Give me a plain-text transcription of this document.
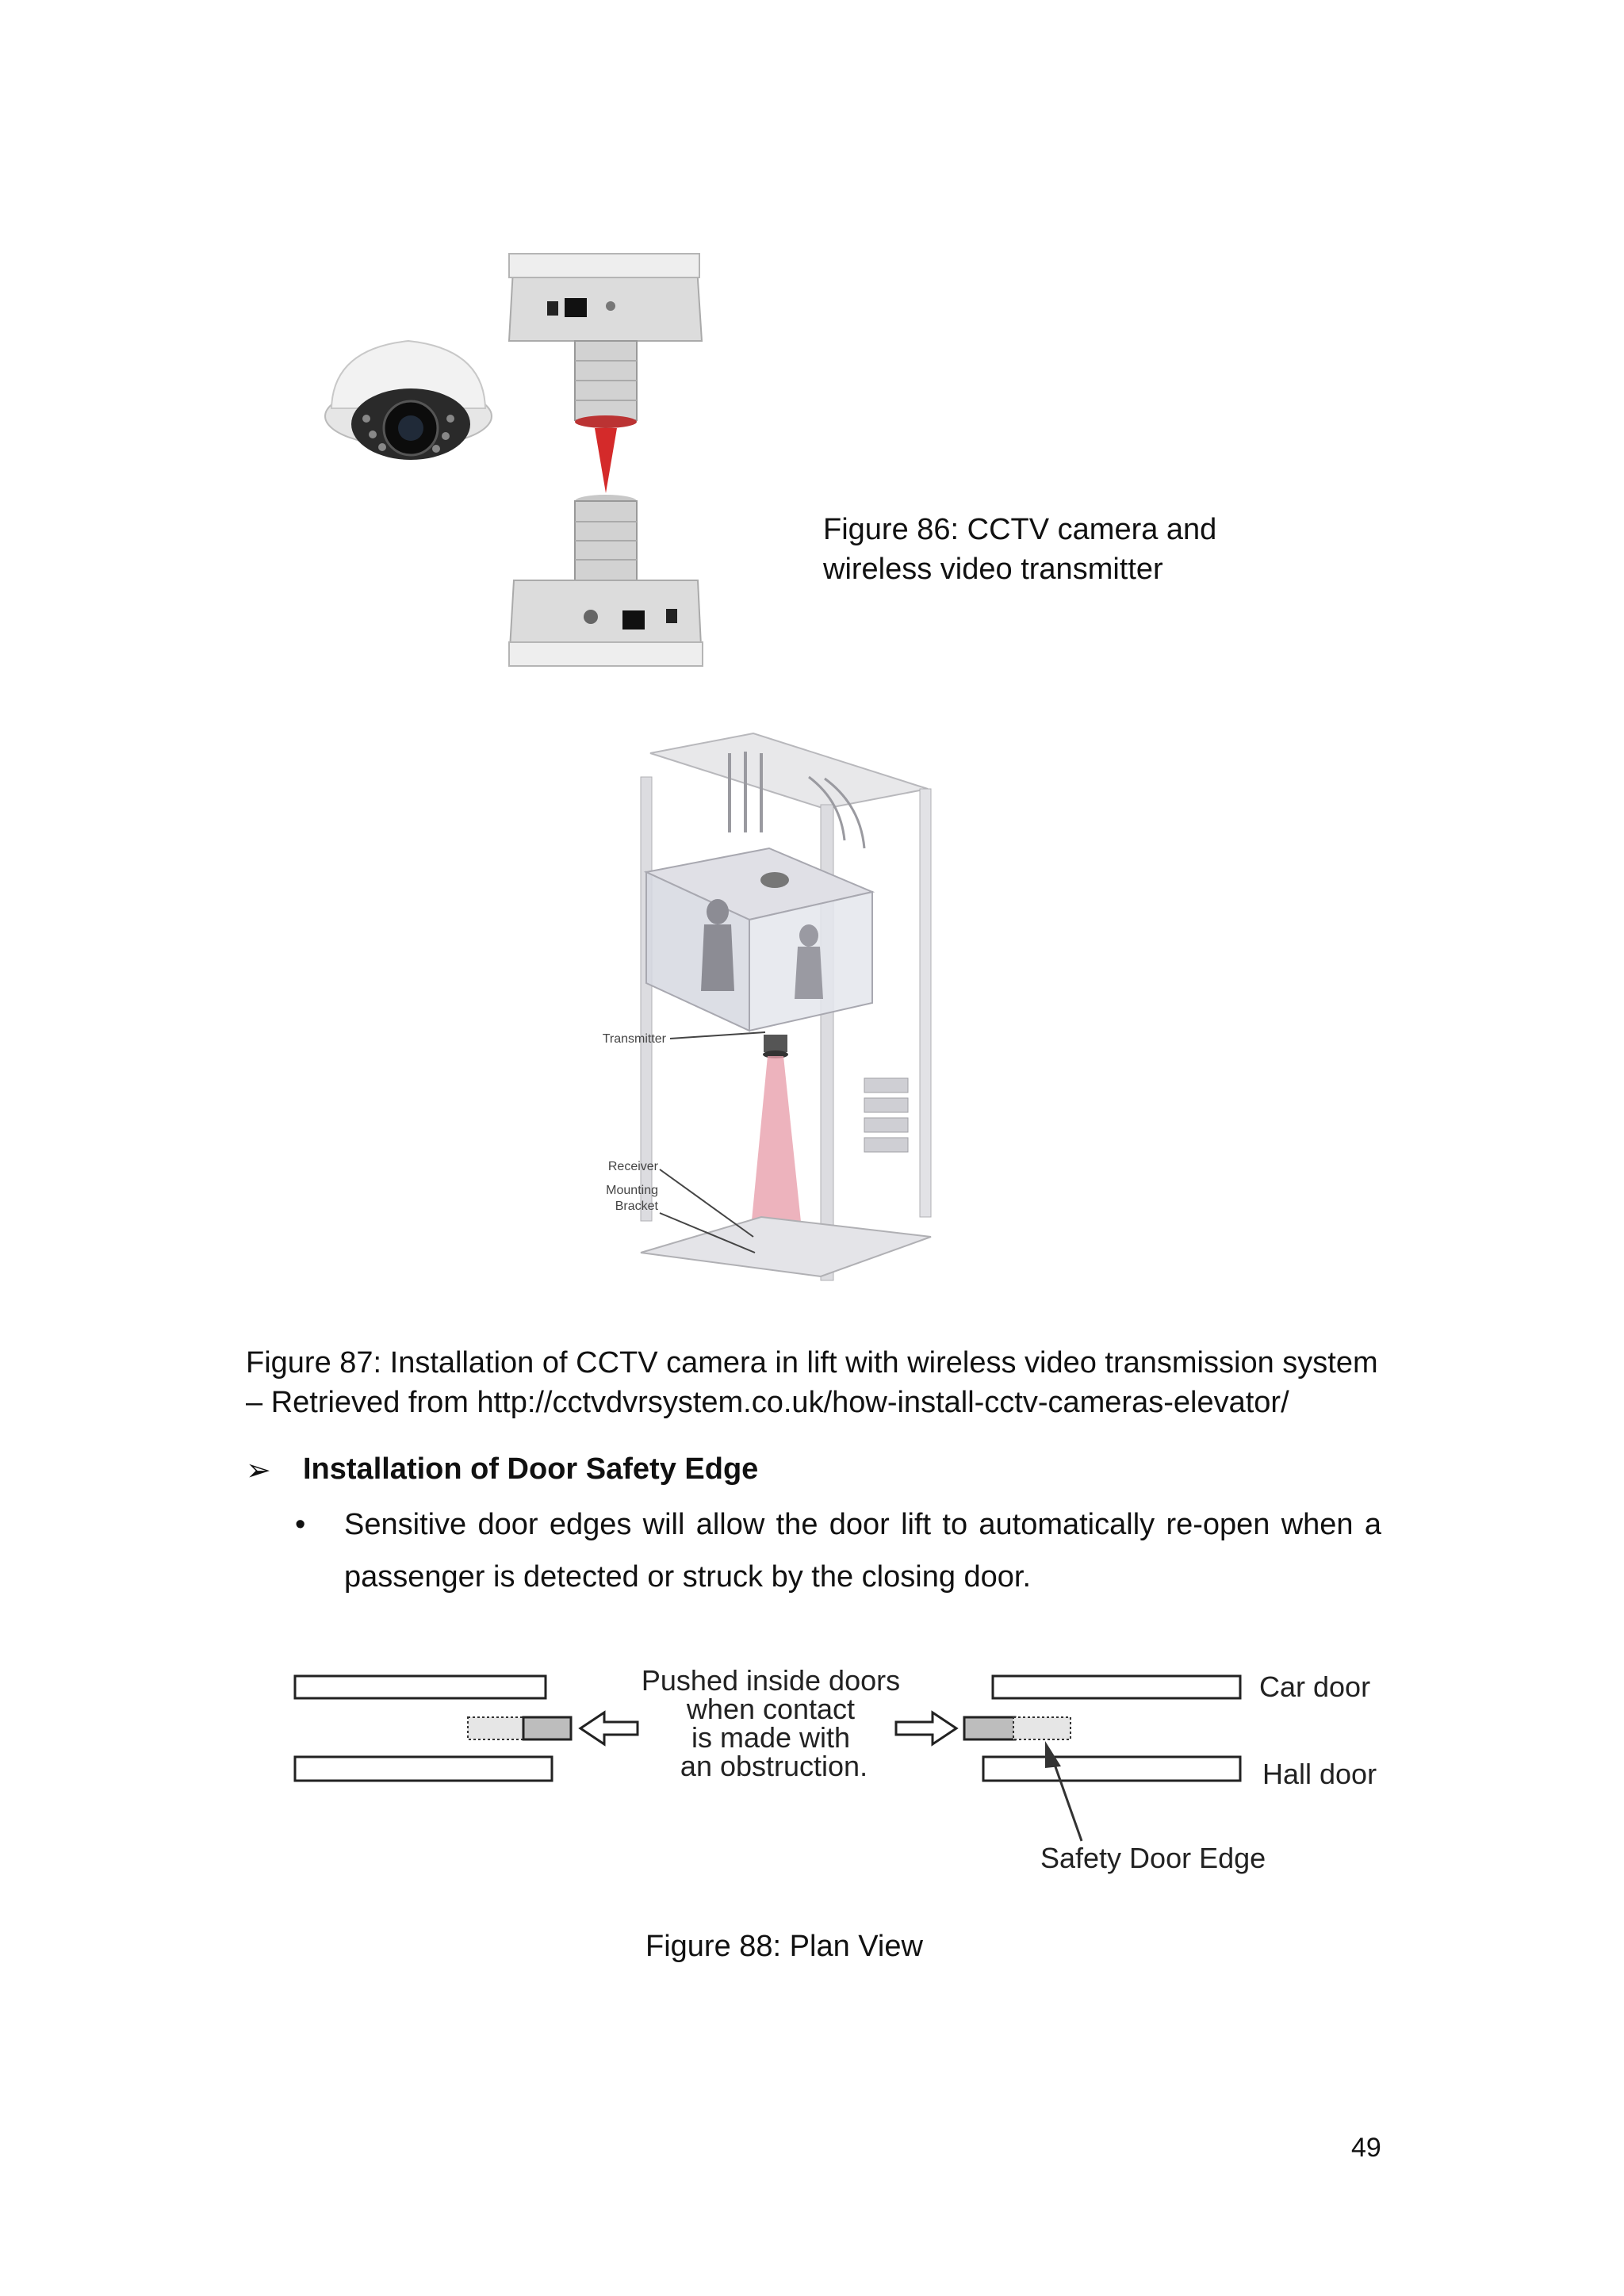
Figure 86: CCTV camera and
wireless video transmitter
Transmitter
Receiver
Mounting
Bracket
Figure 87: Installation of CCTV camera in lift with wireless video transmission system
– Retrieved from http://cctvdvrsystem.co.uk/how-install-cctv-cameras-elevator/
➢ Installation of Door Safety Edge
• Sensitive door edges will allow the door lift to automatically re-open when a
passenger is detected or struck by the closing door.
Pushed inside doors
when contact
is made with
an obstruction.
Car door
Hall door
Safety Door Edge
Figure 88: Plan View
49
